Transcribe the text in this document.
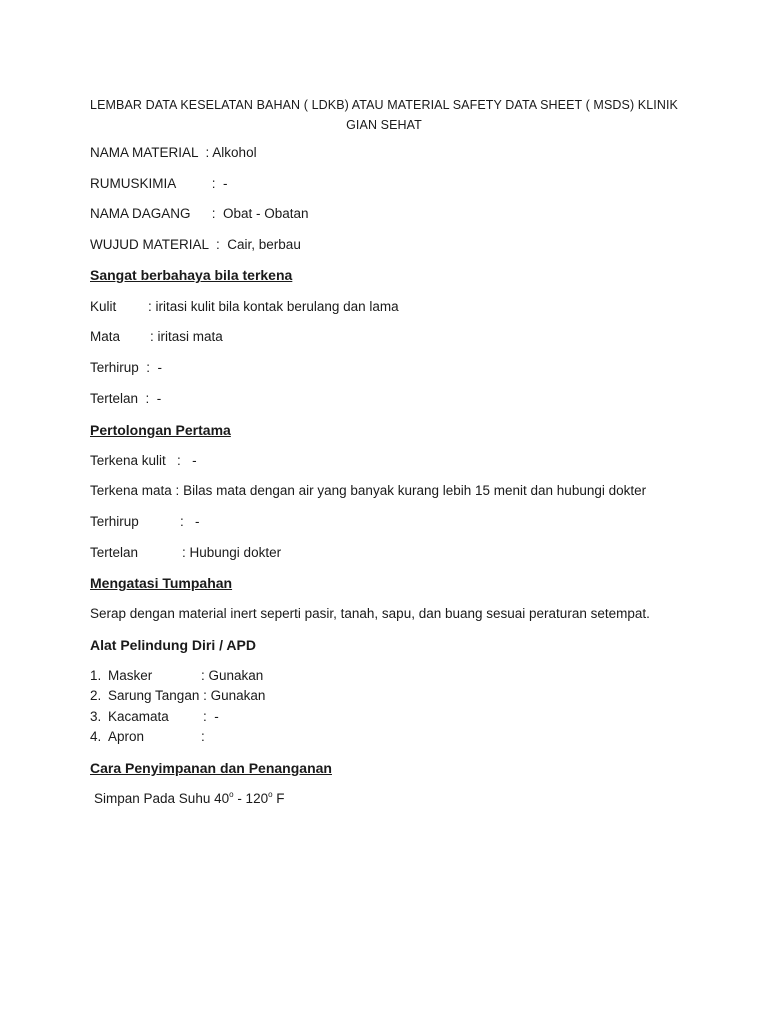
LEMBAR DATA KESELATAN BAHAN ( LDKB) ATAU MATERIAL SAFETY DATA SHEET ( MSDS) KLINIK GIAN SEHAT
NAMA MATERIAL  : Alkohol
RUMUSKIMIA :  -
NAMA DAGANG :  Obat - Obatan
WUJUD MATERIAL  :  Cair, berbau
Sangat berbahaya bila terkena
Kulit : iritasi kulit bila kontak berulang dan lama
Mata : iritasi mata
Terhirup  :  -
Tertelan  :  -
Pertolongan Pertama
Terkena kulit   :   -
Terkena mata : Bilas mata dengan air yang banyak kurang lebih 15 menit dan hubungi dokter
Terhirup	:   -
Tertelan	: Hubungi dokter
Mengatasi Tumpahan
Serap dengan material inert seperti pasir, tanah, sapu, dan buang sesuai peraturan setempat.
Alat Pelindung Diri / APD
1. Masker	: Gunakan
2. Sarung Tangan : Gunakan
3. Kacamata	:  -
4. Apron	:
Cara Penyimpanan dan Penanganan
Simpan Pada Suhu 40$^o$ - 120$^o$ F
